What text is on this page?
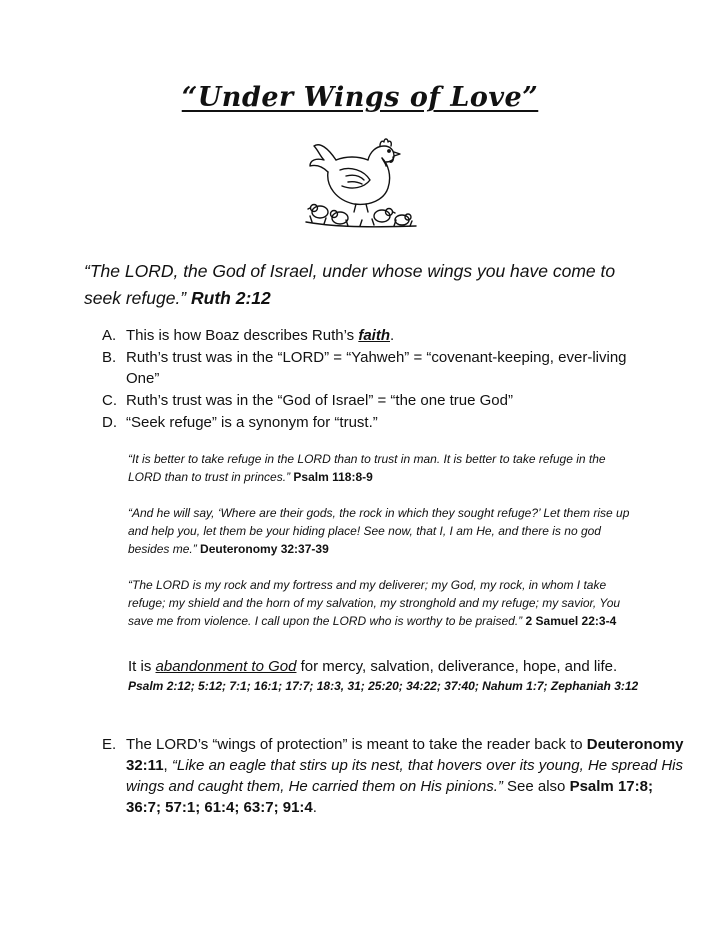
“Under Wings of Love”
“The LORD, the God of Israel, under whose wings you have come to seek refuge.” Ruth 2:12

A. This is how Boaz describes Ruth’s faith.

B. Ruth’s trust was in the “LORD” = “Yahweh” = “covenant-keeping, ever-living One”

C. Ruth’s trust was in the “God of Israel” = “the one true God”

D. “Seek refuge” is a synonym for “trust.”

“It is better to take refuge in the LORD than to trust in man. It is better to take refuge in the LORD than to trust in princes.” Psalm 118:8-9

“And he will say, ‘Where are their gods, the rock in which they sought refuge?’ Let them rise up and help you, let them be your hiding place! See now, that I, I am He, and there is no god besides me.” Deuteronomy 32:37-39

“The LORD is my rock and my fortress and my deliverer; my God, my rock, in whom I take refuge; my shield and the horn of my salvation, my stronghold and my refuge; my savior, You save me from violence. I call upon the LORD who is worthy to be praised.” 2 Samuel 22:3-4

It is abandonment to God for mercy, salvation, deliverance, hope, and life.
Psalm 2:12; 5:12; 7:1; 16:1; 17:7; 18:3, 31; 25:20; 34:22; 37:40; Nahum 1:7; Zephaniah 3:12

E. The LORD’s “wings of protection” is meant to take the reader back to Deuteronomy 32:11, “Like an eagle that stirs up its nest, that hovers over its young, He spread His wings and caught them, He carried them on His pinions.” See also Psalm 17:8; 36:7; 57:1; 61:4; 63:7; 91:4.
